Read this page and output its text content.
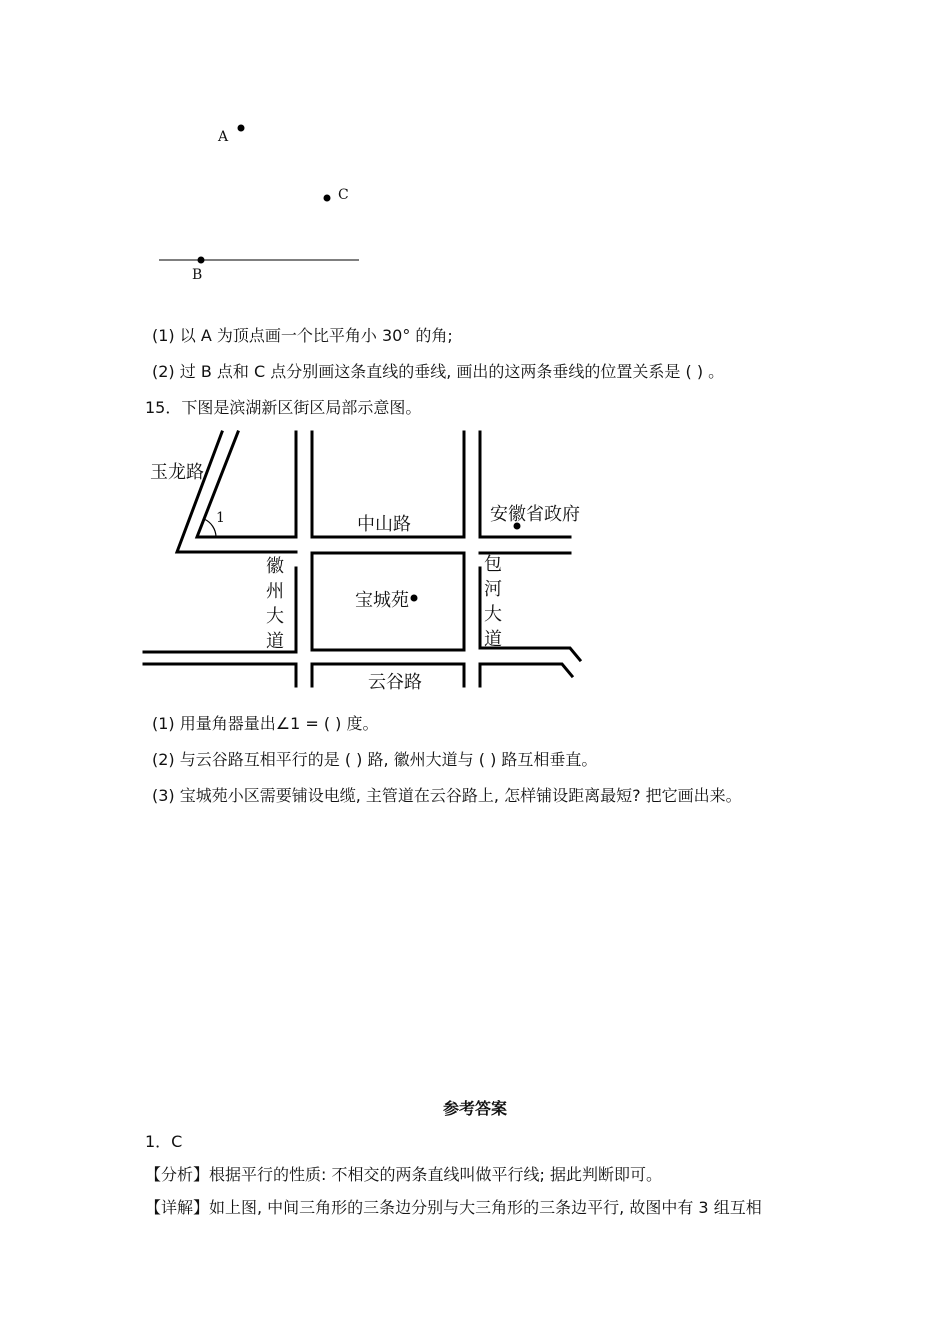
A
C
B
(1) 以 A 为顶点画一个比平角小 30° 的角;
(2) 过 B 点和 C 点分别画这条直线的垂线, 画出的这两条垂线的位置关系是 ( ) 。
15．下图是滨湖新区街区局部示意图。
玉龙路
1	中山路	安徽省政府
徽州大道
宝城苑
包河大道
云谷路
(1) 用量角器量出∠1 = ( ) 度。
(2) 与云谷路互相平行的是 ( ) 路, 徽州大道与 ( ) 路互相垂直。
(3) 宝城苑小区需要铺设电缆, 主管道在云谷路上, 怎样铺设距离最短? 把它画出来。
参考答案
1．C
【分析】根据平行的性质: 不相交的两条直线叫做平行线; 据此判断即可。
【详解】如上图, 中间三角形的三条边分别与大三角形的三条边平行, 故图中有 3 组互相
